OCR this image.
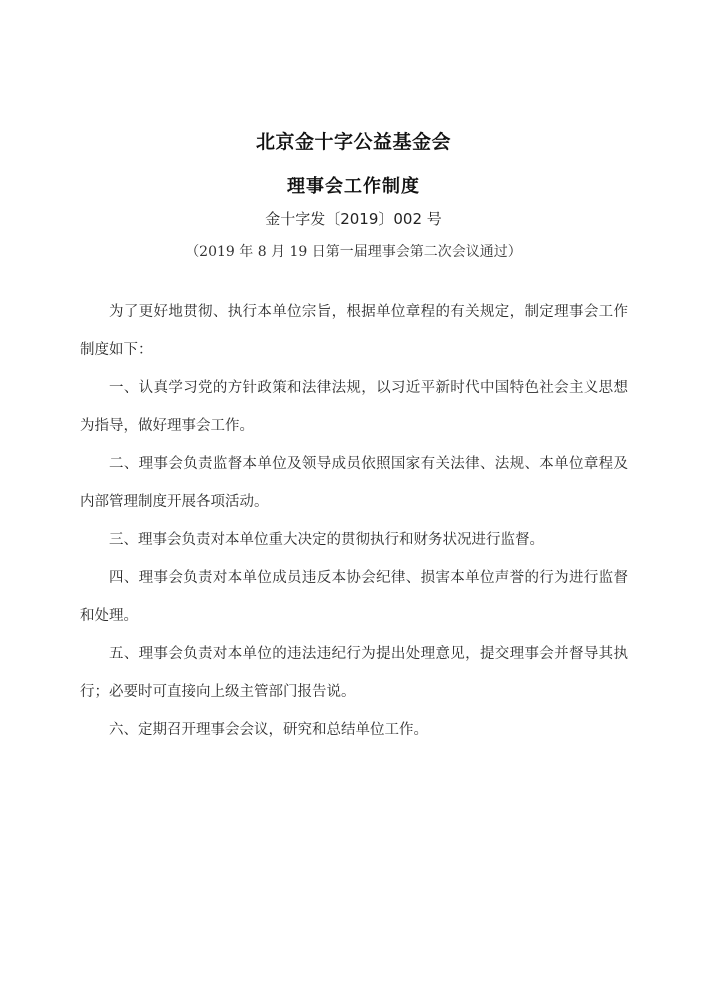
北京金十字公益基金会
理事会工作制度
金十字发〔2019〕002 号
（2019 年 8 月 19 日第一届理事会第二次会议通过）

为了更好地贯彻、执行本单位宗旨，根据单位章程的有关规定，制定理事会工作制度如下：

一、认真学习党的方针政策和法律法规，以习近平新时代中国特色社会主义思想为指导，做好理事会工作。

二、理事会负责监督本单位及领导成员依照国家有关法律、法规、本单位章程及内部管理制度开展各项活动。

三、理事会负责对本单位重大决定的贯彻执行和财务状况进行监督。

四、理事会负责对本单位成员违反本协会纪律、损害本单位声誉的行为进行监督和处理。

五、理事会负责对本单位的违法违纪行为提出处理意见，提交理事会并督导其执行；必要时可直接向上级主管部门报告说。

六、定期召开理事会会议，研究和总结单位工作。
